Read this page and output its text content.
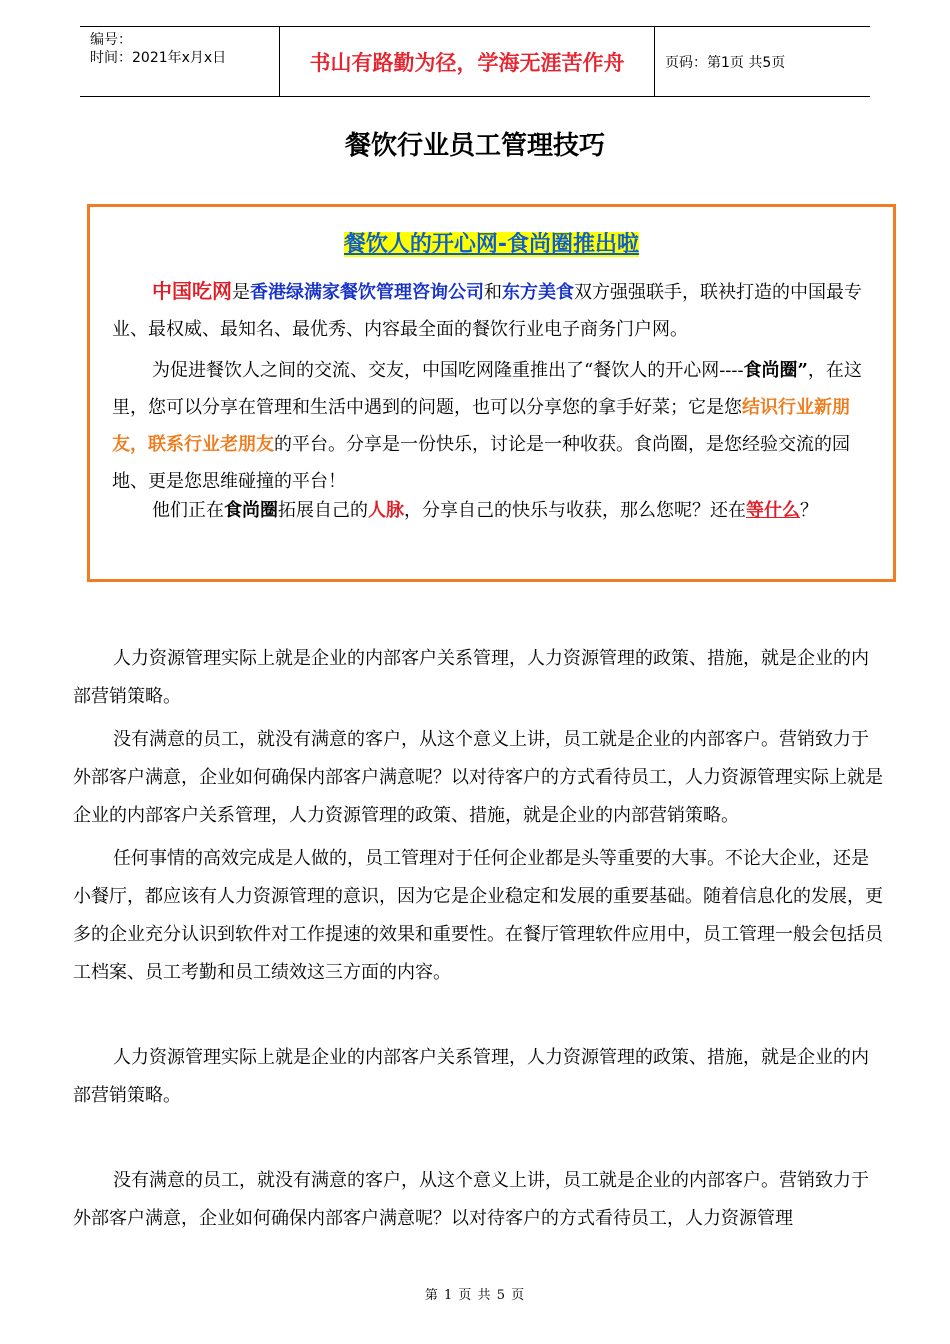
编号：
时间：2021年x月x日	书山有路勤为径，学海无涯苦作舟	页码：第1页 共5页
餐饮行业员工管理技巧
餐饮人的开心网-食尚圈推出啦
中国吃网是香港绿满家餐饮管理咨询公司和东方美食双方强强联手，联袂打造的中国最专业、最权威、最知名、最优秀、内容最全面的餐饮行业电子商务门户网。
为促进餐饮人之间的交流、交友，中国吃网隆重推出了“餐饮人的开心网----食尚圈”，在这里，您可以分享在管理和生活中遇到的问题，也可以分享您的拿手好菜；它是您结识行业新朋友，联系行业老朋友的平台。分享是一份快乐，讨论是一种收获。食尚圈，是您经验交流的园地、更是您思维碰撞的平台！
他们正在食尚圈拓展自己的人脉，分享自己的快乐与收获，那么您呢？还在等什么？
人力资源管理实际上就是企业的内部客户关系管理，人力资源管理的政策、措施，就是企业的内部营销策略。
没有满意的员工，就没有满意的客户，从这个意义上讲，员工就是企业的内部客户。营销致力于外部客户满意，企业如何确保内部客户满意呢？以对待客户的方式看待员工，人力资源管理实际上就是企业的内部客户关系管理，人力资源管理的政策、措施，就是企业的内部营销策略。
任何事情的高效完成是人做的，员工管理对于任何企业都是头等重要的大事。不论大企业，还是小餐厅，都应该有人力资源管理的意识，因为它是企业稳定和发展的重要基础。随着信息化的发展，更多的企业充分认识到软件对工作提速的效果和重要性。在餐厅管理软件应用中，员工管理一般会包括员工档案、员工考勤和员工绩效这三方面的内容。
人力资源管理实际上就是企业的内部客户关系管理，人力资源管理的政策、措施，就是企业的内部营销策略。
没有满意的员工，就没有满意的客户，从这个意义上讲，员工就是企业的内部客户。营销致力于外部客户满意，企业如何确保内部客户满意呢？以对待客户的方式看待员工，人力资源管理
第 1 页 共 5 页
